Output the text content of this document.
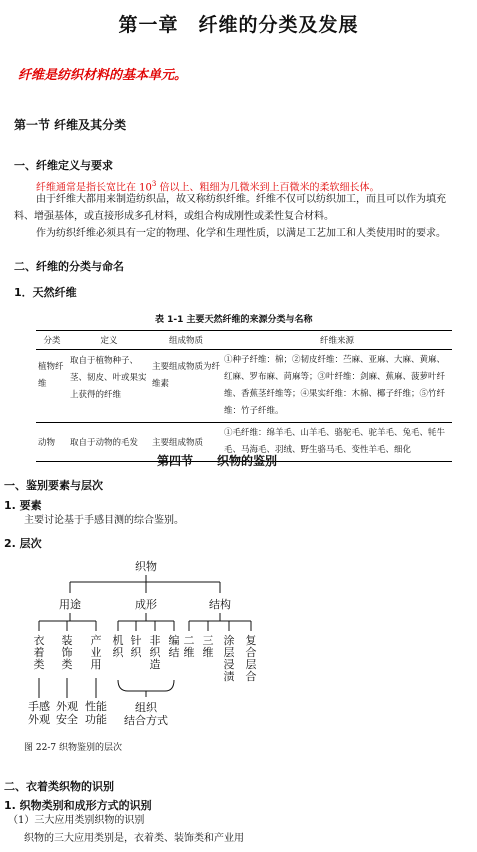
第一章　纤维的分类及发展
纤维是纺织材料的基本单元。
第一节 纤维及其分类
一、纤维定义与要求
纤维通常是指长宽比在 $10^3$ 倍以上、粗细为几微米到上百微米的柔软细长体。
由于纤维大都用来制造纺织品，故又称纺织纤维。纤维不仅可以纺织加工，而且可以作为填充
料、增强基体，或直接形成多孔材料，或组合构成刚性或柔性复合材料。
作为纺织纤维必须具有一定的物理、化学和生理性质，以满足工艺加工和人类使用时的要求。
二、纤维的分类与命名
1．天然纤维
表 1-1 主要天然纤维的来源分类与名称
分类	定义	组成物质	纤维来源
植物纤维	取自于植物种子、茎、韧皮、叶或果实上获得的纤维	主要组成物质为纤维素	①种子纤维：棉；②韧皮纤维：苎麻、亚麻、大麻、黄麻、红麻、罗布麻、苘麻等；③叶纤维：剑麻、蕉麻、菠萝叶纤维、香蕉茎纤维等；④果实纤维：木棉、椰子纤维；⑤竹纤维：竹子纤维。
动物	取自于动物的毛发	主要组成物质	①毛纤维：绵羊毛、山羊毛、骆驼毛、驼羊毛、兔毛、牦牛毛、马海毛、羽绒、野生骆马毛、变性羊毛、细化
第四节　　织物的鉴别
一、鉴别要素与层次
1. 要素
主要讨论基于手感目测的综合鉴别。
2. 层次
织物
用途	成形	结构
衣着类
装饰类
产业用
机织
针织
非织造
编结
二维
三维
涂层浸渍
复合层合
手感
外观
外观
安全
性能
功能
组织
结合方式
图 22-7 织物鉴别的层次
二、衣着类织物的识别
1. 织物类别和成形方式的识别
（1）三大应用类别织物的识别
织物的三大应用类别是，衣着类、装饰类和产业用
